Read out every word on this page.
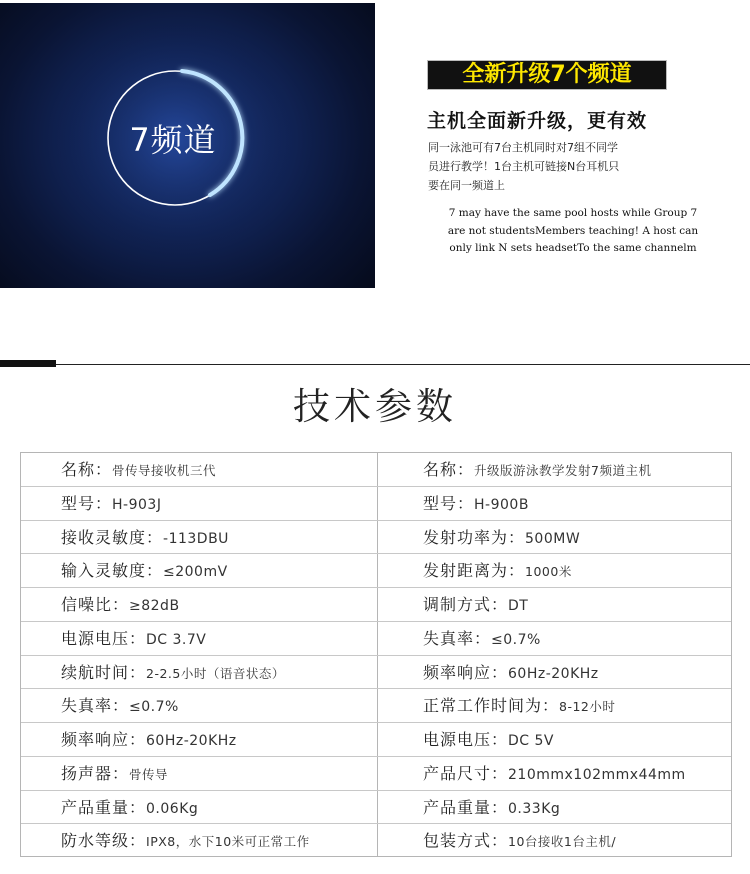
7频道
全新升级7个频道
主机全面新升级，更有效
同一泳池可有7台主机同时对7组不同学
员进行教学！1台主机可链接N台耳机只
要在同一频道上
7 may have the same pool hosts while Group 7
are not studentsMembers teaching! A host can
only link N sets headsetTo the same channelm
技术参数
名称：骨传导接收机三代	名称：升级版游泳教学发射7频道主机
型号：H-903J	型号：H-900B
接收灵敏度：-113DBU	发射功率为：500MW
输入灵敏度：≤200mV	发射距离为：1000米
信噪比：≥82dB	调制方式：DT
电源电压：DC 3.7V	失真率：≤0.7%
续航时间：2-2.5小时（语音状态）	频率响应：60Hz-20KHz
失真率：≤0.7%	正常工作时间为：8-12小时
频率响应：60Hz-20KHz	电源电压：DC 5V
扬声器：骨传导	产品尺寸：210mmx102mmx44mm
产品重量：0.06Kg	产品重量：0.33Kg
防水等级：IPX8，水下10米可正常工作	包装方式：10台接收1台主机/
